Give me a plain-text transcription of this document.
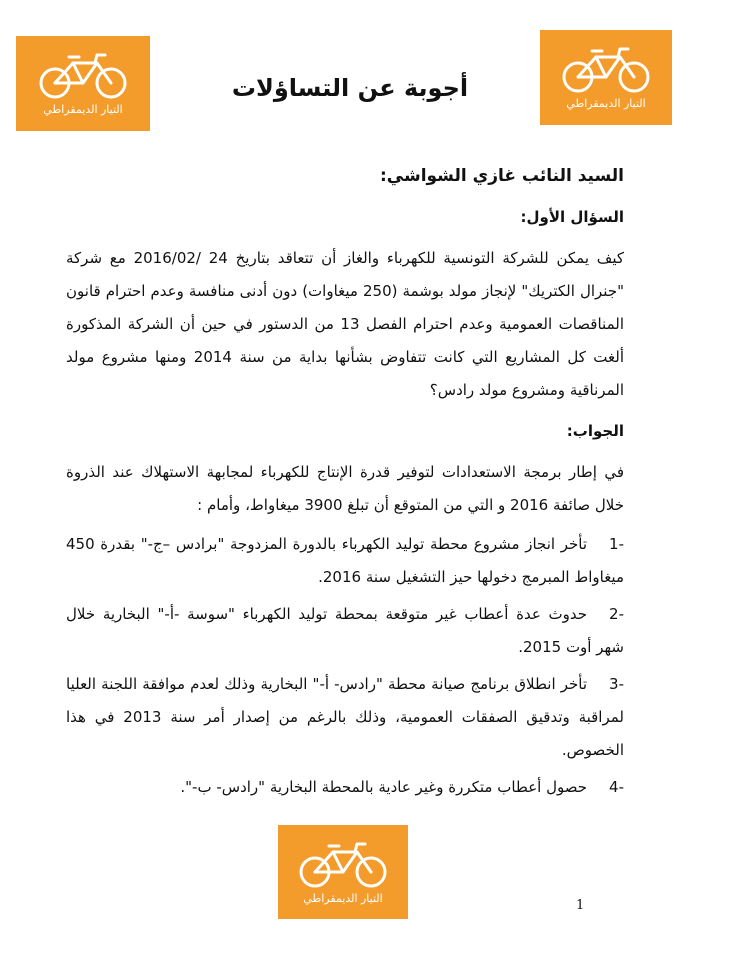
التيار الديمقراطي	التيار الديمقراطي
أجوبة عن التساؤلات

السيد النائب غازي الشواشي:

السؤال الأول:

كيف يمكن للشركة التونسية للكهرباء والغاز أن تتعاقد بتاريخ 24 /2016/02 مع شركة "جنرال الكتريك" لإنجاز مولد بوشمة (250 ميغاوات) دون أدنى منافسة وعدم احترام قانون المناقصات العمومية وعدم احترام الفصل 13 من الدستور في حين أن الشركة المذكورة ألغت كل المشاريع التي كانت تتفاوض بشأنها بداية من سنة 2014 ومنها مشروع مولد المرناقية ومشروع مولد رادس؟

الجواب:

في إطار برمجة الاستعدادات لتوفير قدرة الإنتاج للكهرباء لمجابهة الاستهلاك عند الذروة خلال صائفة 2016 و التي من المتوقع أن تبلغ 3900 ميغاواط، وأمام :

-1تأخر انجاز مشروع محطة توليد الكهرباء بالدورة المزدوجة "برادس –ج-" بقدرة 450 ميغاواط المبرمج دخولها حيز التشغيل سنة 2016.
-2حدوث عدة أعطاب غير متوقعة بمحطة توليد الكهرباء "سوسة -أ-" البخارية خلال شهر أوت 2015.
-3تأخر انطلاق برنامج صيانة محطة "رادس- أ-" البخارية وذلك لعدم موافقة اللجنة العليا لمراقبة وتدقيق الصفقات العمومية، وذلك بالرغم من إصدار أمر سنة 2013 في هذا الخصوص.
-4حصول أعطاب متكررة وغير عادية بالمحطة البخارية "رادس- ب-".
التيار الديمقراطي	1
